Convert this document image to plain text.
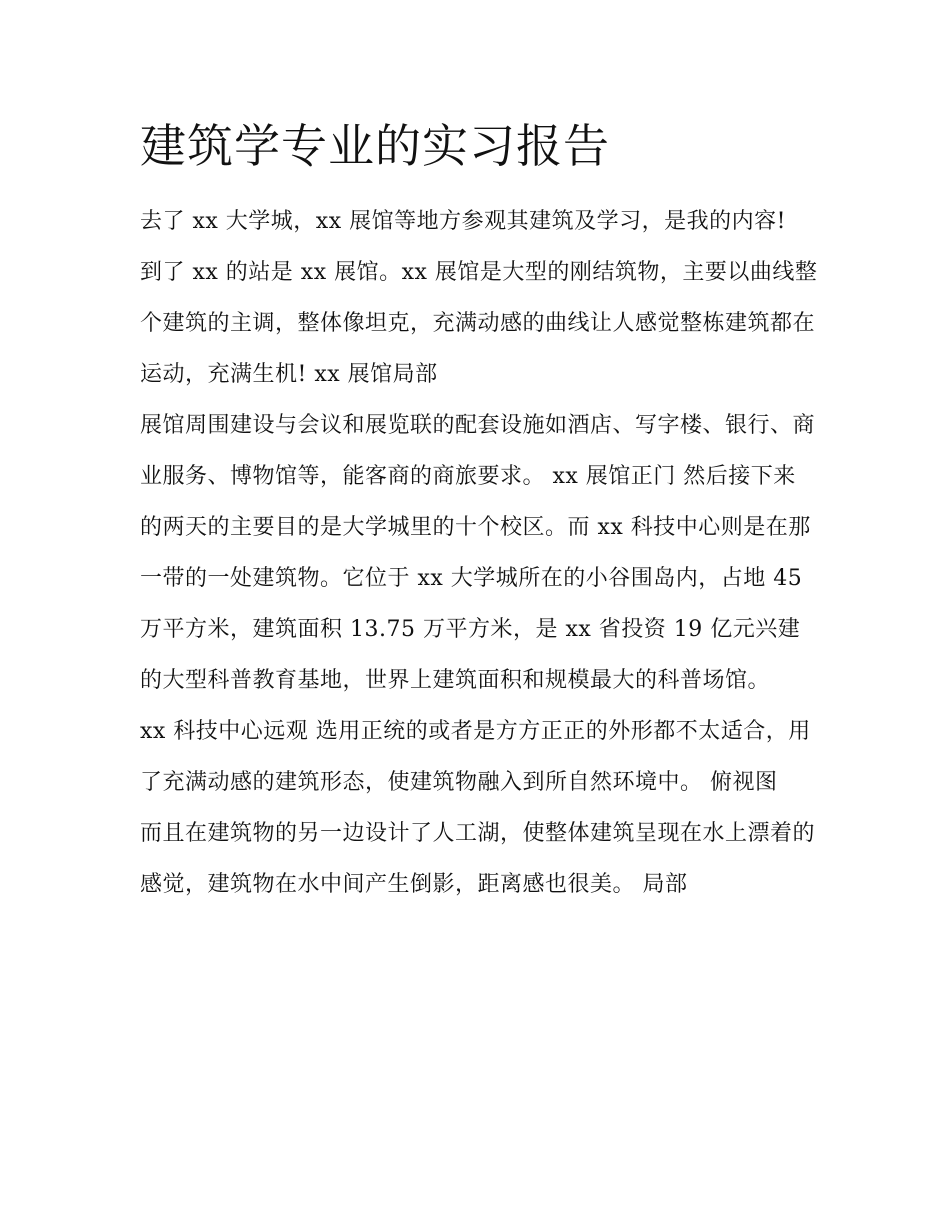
建筑学专业的实习报告

去了 xx 大学城，xx 展馆等地方参观其建筑及学习，是我的内容!

到了 xx 的站是 xx 展馆。xx 展馆是大型的刚结筑物，主要以曲线整个建筑的主调，整体像坦克，充满动感的曲线让人感觉整栋建筑都在运动，充满生机! xx 展馆局部

展馆周围建设与会议和展览联的配套设施如酒店、写字楼、银行、商业服务、博物馆等，能客商的商旅要求。 xx 展馆正门 然后接下来的两天的主要目的是大学城里的十个校区。而 xx 科技中心则是在那一带的一处建筑物。它位于 xx 大学城所在的小谷围岛内，占地 45 万平方米，建筑面积 13.75 万平方米，是 xx 省投资 19 亿元兴建的大型科普教育基地，世界上建筑面积和规模最大的科普场馆。

xx 科技中心远观 选用正统的或者是方方正正的外形都不太适合，用了充满动感的建筑形态，使建筑物融入到所自然环境中。 俯视图

而且在建筑物的另一边设计了人工湖，使整体建筑呈现在水上漂着的感觉，建筑物在水中间产生倒影，距离感也很美。 局部
